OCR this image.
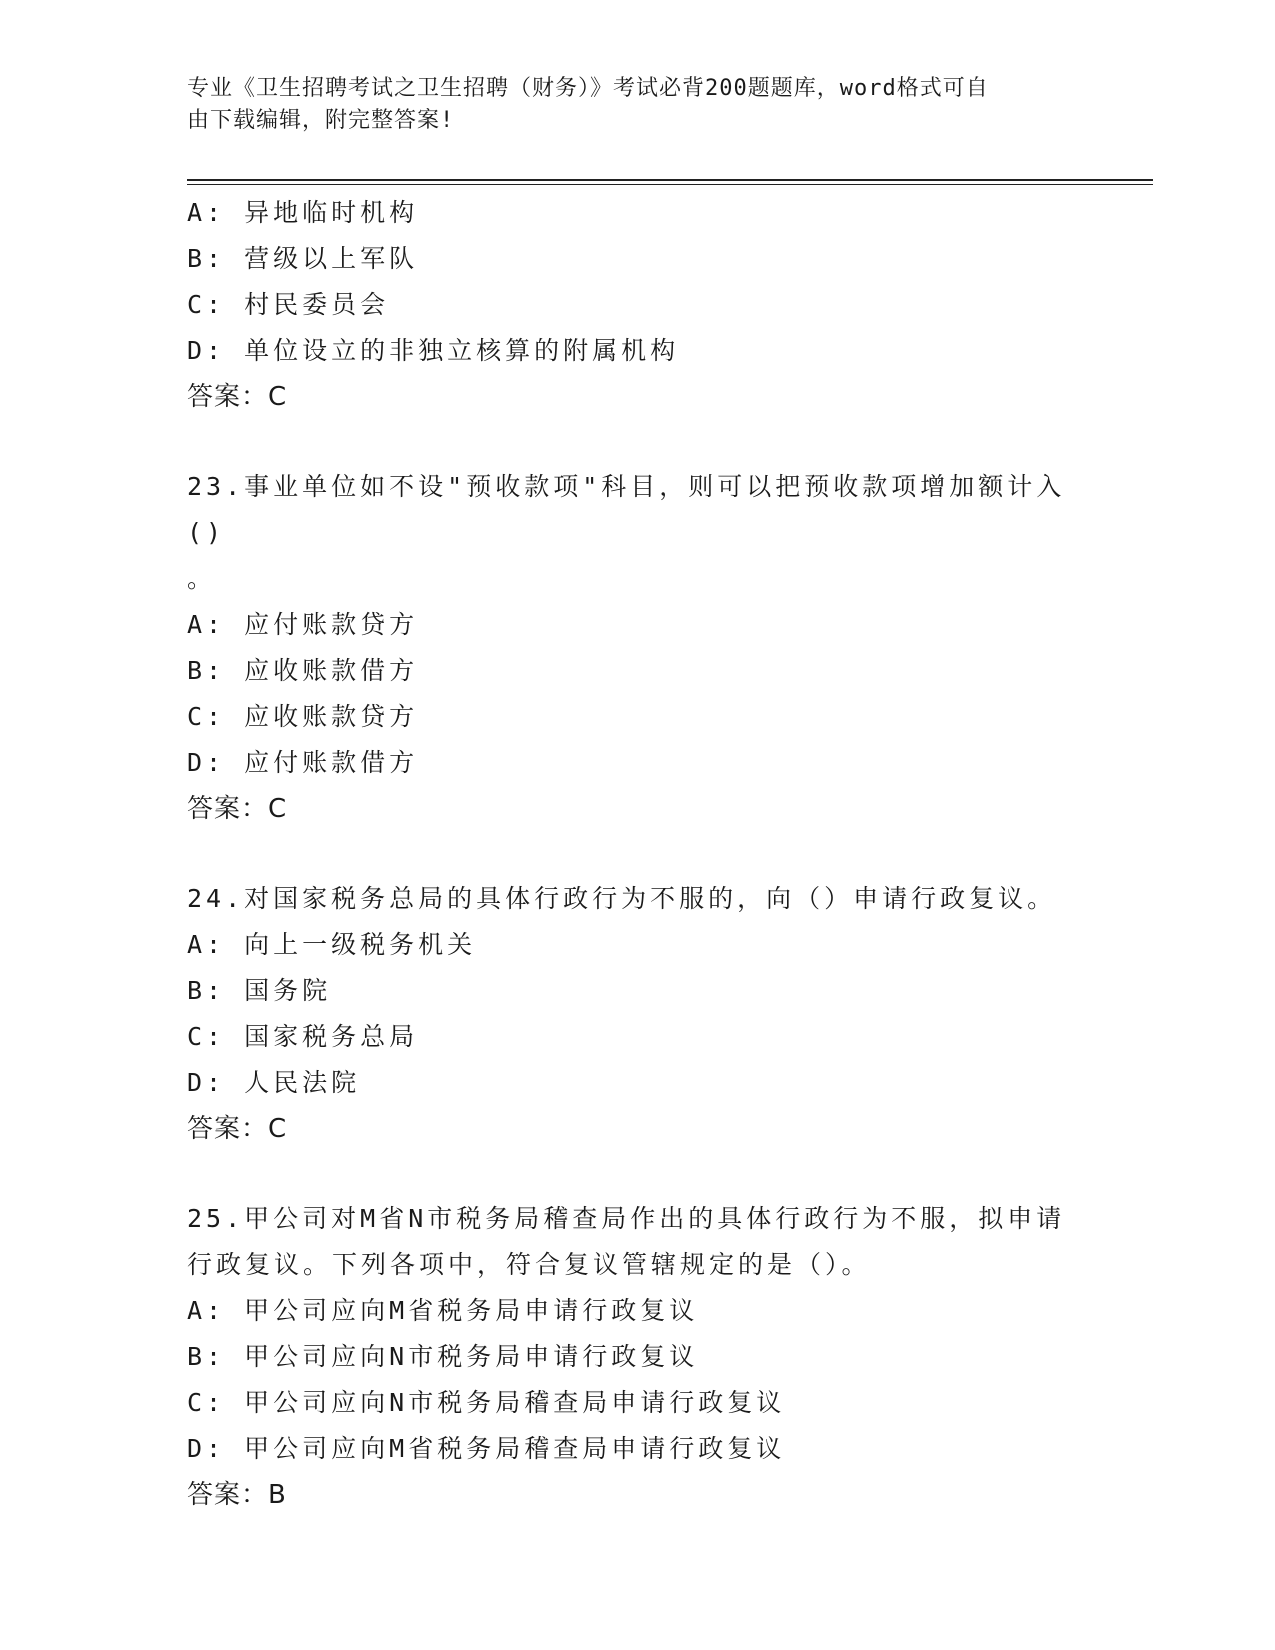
专业《卫生招聘考试之卫生招聘（财务）》考试必背200题题库，word格式可自
由下载编辑，附完整答案!
A: 异地临时机构
B: 营级以上军队
C: 村民委员会
D: 单位设立的非独立核算的附属机构
答案：C
23.事业单位如不设"预收款项"科目，则可以把预收款项增加额计入()
。
A: 应付账款贷方
B: 应收账款借方
C: 应收账款贷方
D: 应付账款借方
答案：C
24.对国家税务总局的具体行政行为不服的，向（）申请行政复议。
A: 向上一级税务机关
B: 国务院
C: 国家税务总局
D: 人民法院
答案：C
25.甲公司对M省N市税务局稽查局作出的具体行政行为不服，拟申请
行政复议。下列各项中，符合复议管辖规定的是（）。
A: 甲公司应向M省税务局申请行政复议
B: 甲公司应向N市税务局申请行政复议
C: 甲公司应向N市税务局稽查局申请行政复议
D: 甲公司应向M省税务局稽查局申请行政复议
答案：B
